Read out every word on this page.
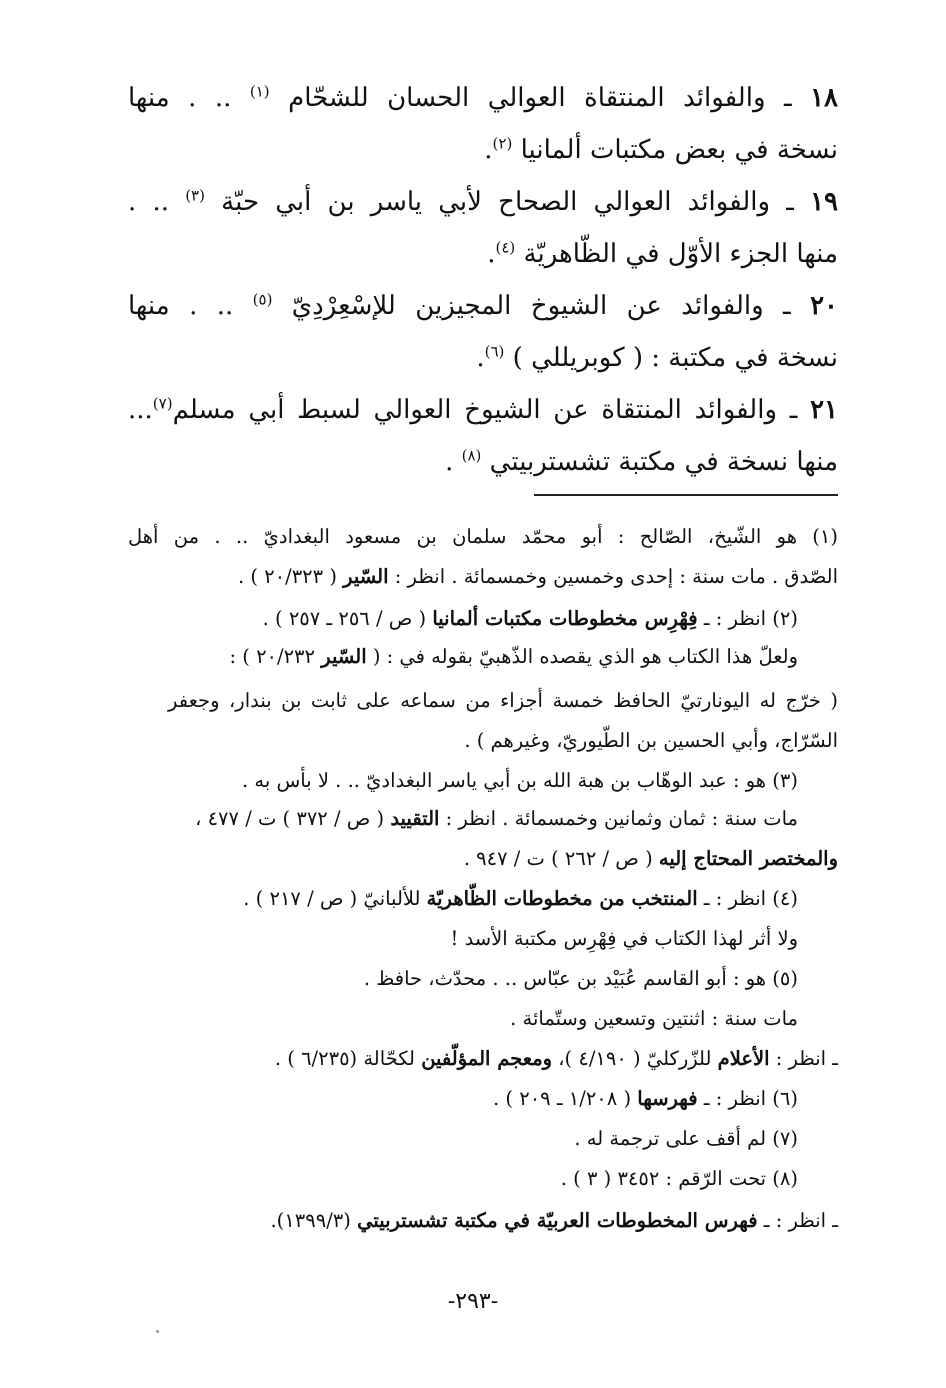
١٨ ـ والفوائد المنتقاة العوالي الحسان للشحّام $^{(١)}$ .. . منها
نسخة في بعض مكتبات ألمانيا $^{(٢)}$.
١٩ ـ والفوائد العوالي الصحاح لأبي ياسر بن أبي حبّة $^{(٣)}$ .. .
منها الجزء الأوّل في الظّاهريّة $^{(٤)}$.
٢٠ ـ والفوائد عن الشيوخ المجيزين للإسْعِرْدِيّ $^{(٥)}$ .. . منها
نسخة في مكتبة : ( كوبريللي ) $^{(٦)}$.
٢١ ـ والفوائد المنتقاة عن الشيوخ العوالي لسبط أبي مسلم$^{(٧)}$...
منها نسخة في مكتبة تشستربيتي $^{(٨)}$ .
(١) هو الشّيخ، الصّالح : أبو محمّد سلمان بن مسعود البغداديّ .. . من أهل
الصّدق . مات سنة : إحدى وخمسين وخمسمائة . انظر : السّير ( ٢٠/٣٢٣ ) .
(٢) انظر : ـ فِهْرِس مخطوطات مكتبات ألمانيا ( ص / ٢٥٦ ـ ٢٥٧ ) .
ولعلّ هذا الكتاب هو الذي يقصده الذّهبيّ بقوله في : ( السّير ٢٠/٢٣٢ ) :
( خرّج له اليونارتيّ الحافظ خمسة أجزاء من سماعه على ثابت بن بندار، وجعفر
السّرّاج، وأبي الحسين بن الطّيوريّ، وغيرهم ) .
(٣) هو : عبد الوهّاب بن هبة الله بن أبي ياسر البغداديّ .. . لا بأس به .
مات سنة : ثمان وثمانين وخمسمائة . انظر : التقييد ( ص / ٣٧٢ ) ت / ٤٧٧ ،
والمختصر المحتاج إليه ( ص / ٢٦٢ ) ت / ٩٤٧ .
(٤) انظر : ـ المنتخب من مخطوطات الظّاهريّة للألبانيّ ( ص / ٢١٧ ) .
ولا أثر لهذا الكتاب في فِهْرِس مكتبة الأسد !
(٥) هو : أبو القاسم عُبَيْد بن عبّاس .. . محدّث، حافظ .
مات سنة : اثنتين وتسعين وستّمائة .
ـ انظر : الأعلام للزّركليّ ( ٤/١٩٠ )، ومعجم المؤلّفين لكحّالة (٦/٢٣٥ ) .
(٦) انظر : ـ فهرسها ( ١/٢٠٨ ـ ٢٠٩ ) .
(٧) لم أقف على ترجمة له .
(٨) تحت الرّقم : ٣٤٥٢ ( ٣ ) .
ـ انظر : ـ فهرس المخطوطات العربيّة في مكتبة تشستربيتي (١٣٩٩/٣).
-٢٩٣-
